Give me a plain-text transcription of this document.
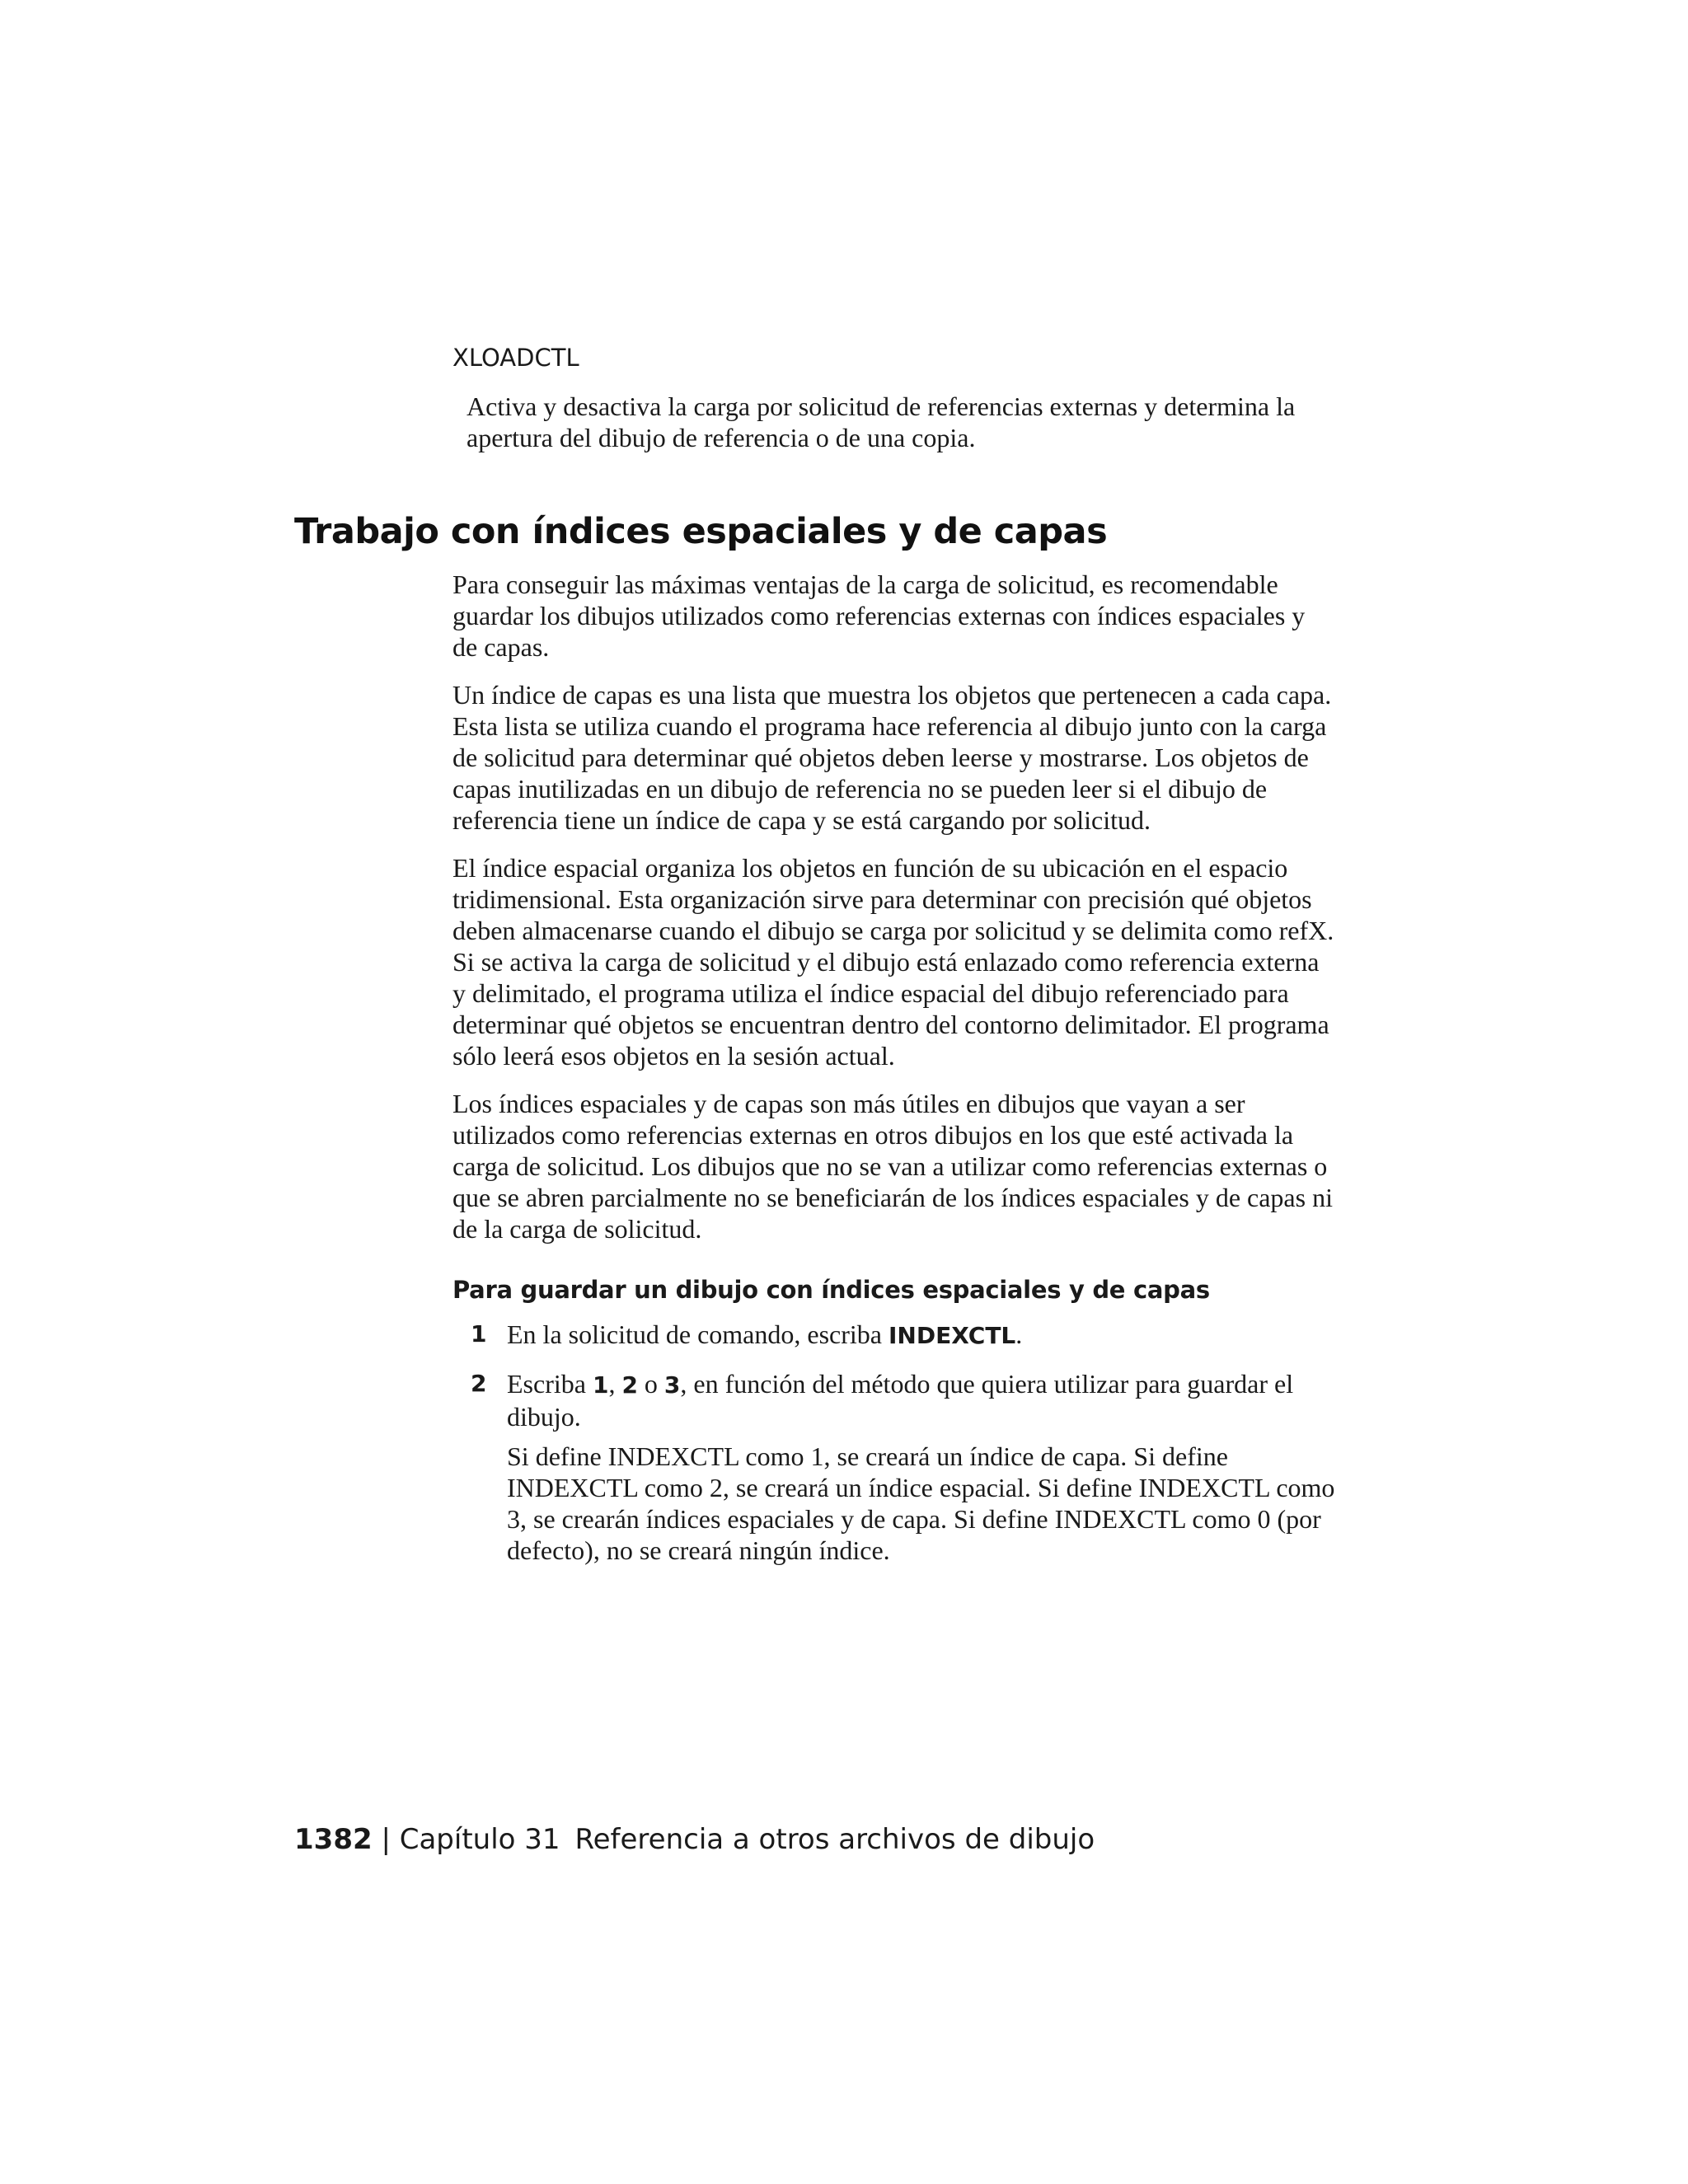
XLOADCTL

Activa y desactiva la carga por solicitud de referencias externas y determina la apertura del dibujo de referencia o de una copia.

Trabajo con índices espaciales y de capas

Para conseguir las máximas ventajas de la carga de solicitud, es recomendable guardar los dibujos utilizados como referencias externas con índices espaciales y de capas.

Un índice de capas es una lista que muestra los objetos que pertenecen a cada capa. Esta lista se utiliza cuando el programa hace referencia al dibujo junto con la carga de solicitud para determinar qué objetos deben leerse y mostrarse. Los objetos de capas inutilizadas en un dibujo de referencia no se pueden leer si el dibujo de referencia tiene un índice de capa y se está cargando por solicitud.

El índice espacial organiza los objetos en función de su ubicación en el espacio tridimensional. Esta organización sirve para determinar con precisión qué objetos deben almacenarse cuando el dibujo se carga por solicitud y se delimita como refX. Si se activa la carga de solicitud y el dibujo está enlazado como referencia externa y delimitado, el programa utiliza el índice espacial del dibujo referenciado para determinar qué objetos se encuentran dentro del contorno delimitador. El programa sólo leerá esos objetos en la sesión actual.

Los índices espaciales y de capas son más útiles en dibujos que vayan a ser utilizados como referencias externas en otros dibujos en los que esté activada la carga de solicitud. Los dibujos que no se van a utilizar como referencias externas o que se abren parcialmente no se beneficiarán de los índices espaciales y de capas ni de la carga de solicitud.

Para guardar un dibujo con índices espaciales y de capas
1 En la solicitud de comando, escriba INDEXCTL.

2 Escriba 1, 2 o 3, en función del método que quiera utilizar para guardar el dibujo.

Si define INDEXCTL como 1, se creará un índice de capa. Si define INDEXCTL como 2, se creará un índice espacial. Si define INDEXCTL como 3, se crearán índices espaciales y de capa. Si define INDEXCTL como 0 (por defecto), no se creará ningún índice.

1382 | Capítulo 31 Referencia a otros archivos de dibujo
